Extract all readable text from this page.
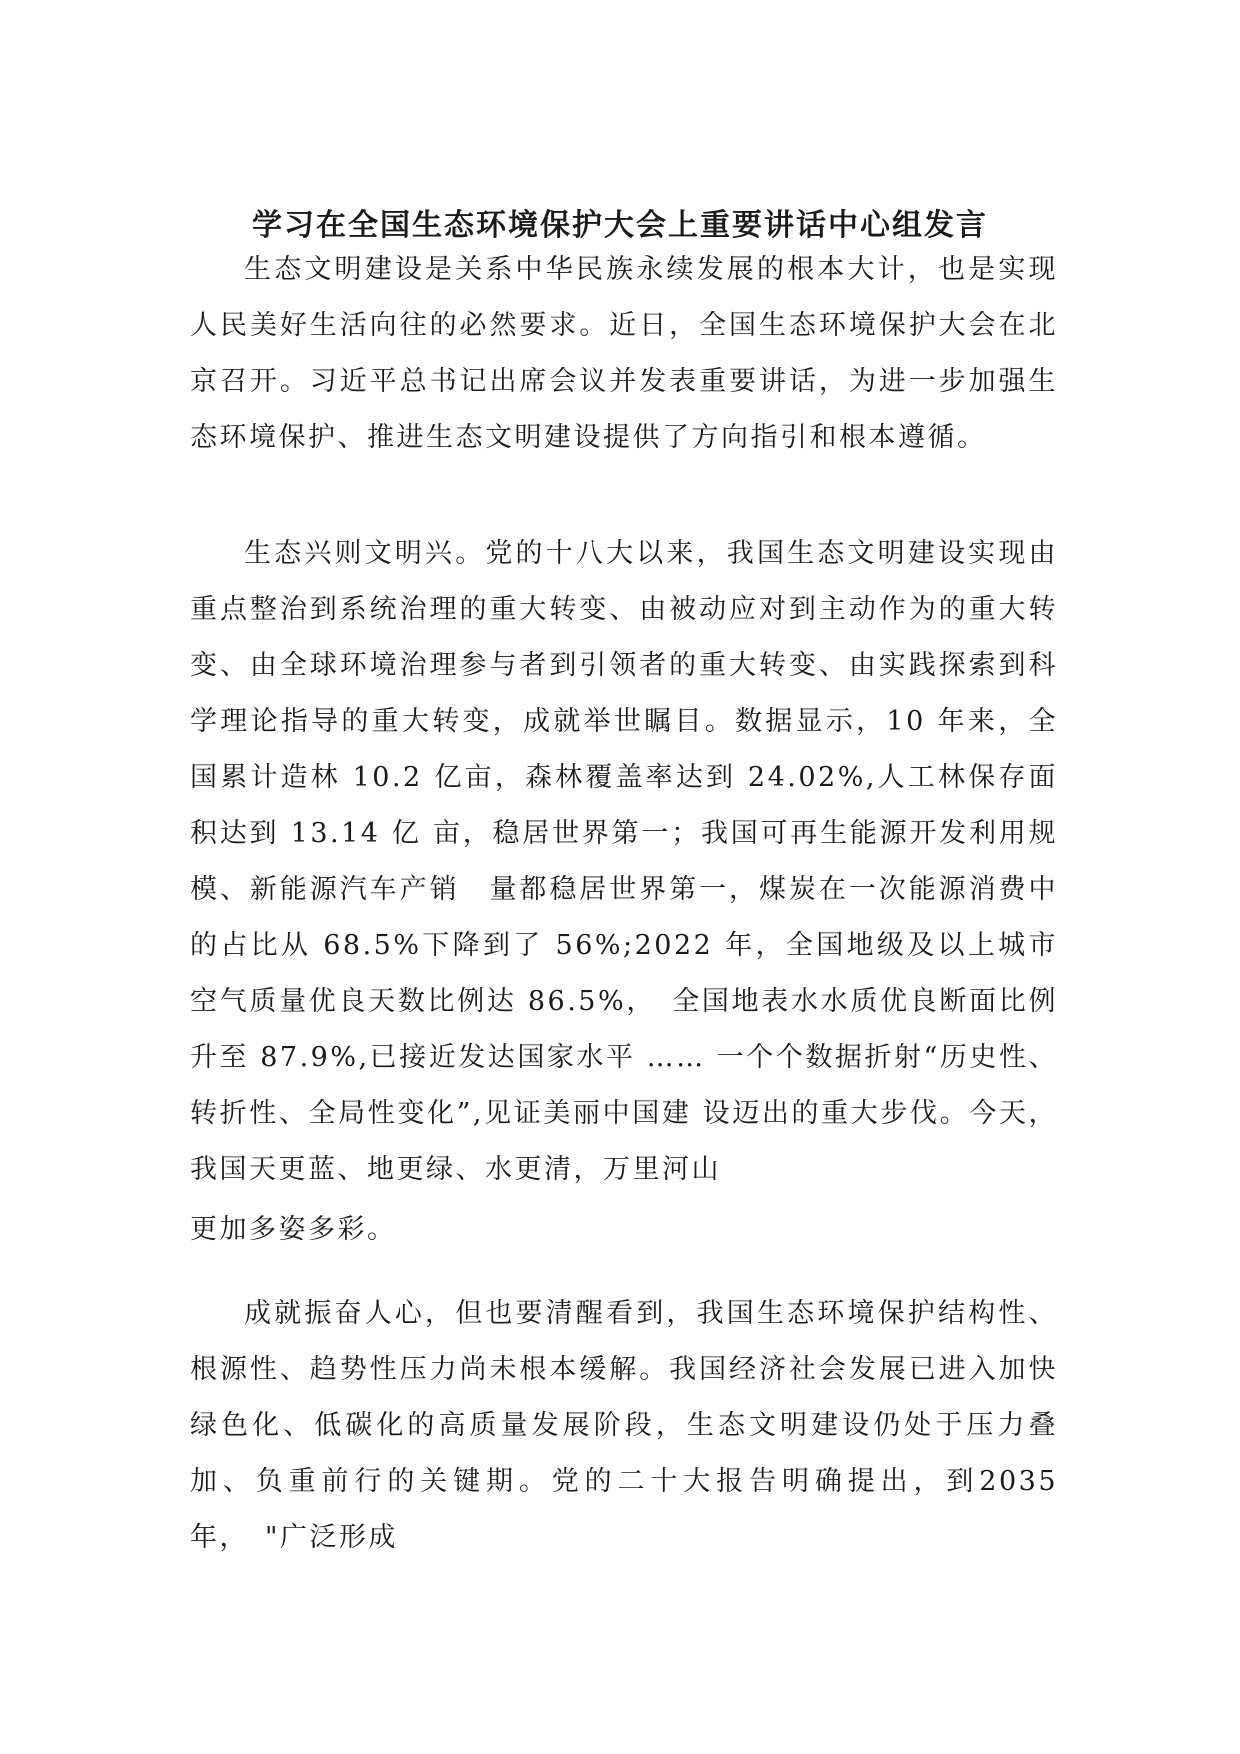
学习在全国生态环境保护大会上重要讲话中心组发言

生态文明建设是关系中华民族永续发展的根本大计，也是实现人民美好生活向往的必然要求。近日，全国生态环境保护大会在北京召开。习近平总书记出席会议并发表重要讲话，为进一步加强生态环境保护、推进生态文明建设提供了方向指引和根本遵循。

生态兴则文明兴。党的十八大以来，我国生态文明建设实现由重点整治到系统治理的重大转变、由被动应对到主动作为的重大转变、由全球环境治理参与者到引领者的重大转变、由实践探索到科学理论指导的重大转变，成就举世瞩目。数据显示，10 年来，全国累计造林 10.2 亿亩，森林覆盖率达到 24.02%,人工林保存面积达到 13.14 亿 亩，稳居世界第一；我国可再生能源开发利用规模、新能源汽车产销　量都稳居世界第一，煤炭在一次能源消费中的占比从 68.5%下降到了 56%;2022 年，全国地级及以上城市空气质量优良天数比例达 86.5%，　全国地表水水质优良断面比例升至 87.9%,已接近发达国家水平 …… 一个个数据折射“历史性、转折性、全局性变化”,见证美丽中国建 设迈出的重大步伐。今天，我国天更蓝、地更绿、水更清，万里河山

更加多姿多彩。

成就振奋人心，但也要清醒看到，我国生态环境保护结构性、根源性、趋势性压力尚未根本缓解。我国经济社会发展已进入加快绿色化、低碳化的高质量发展阶段，生态文明建设仍处于压力叠加、负重前行的关键期。党的二十大报告明确提出，到2035 年，　"广泛形成
